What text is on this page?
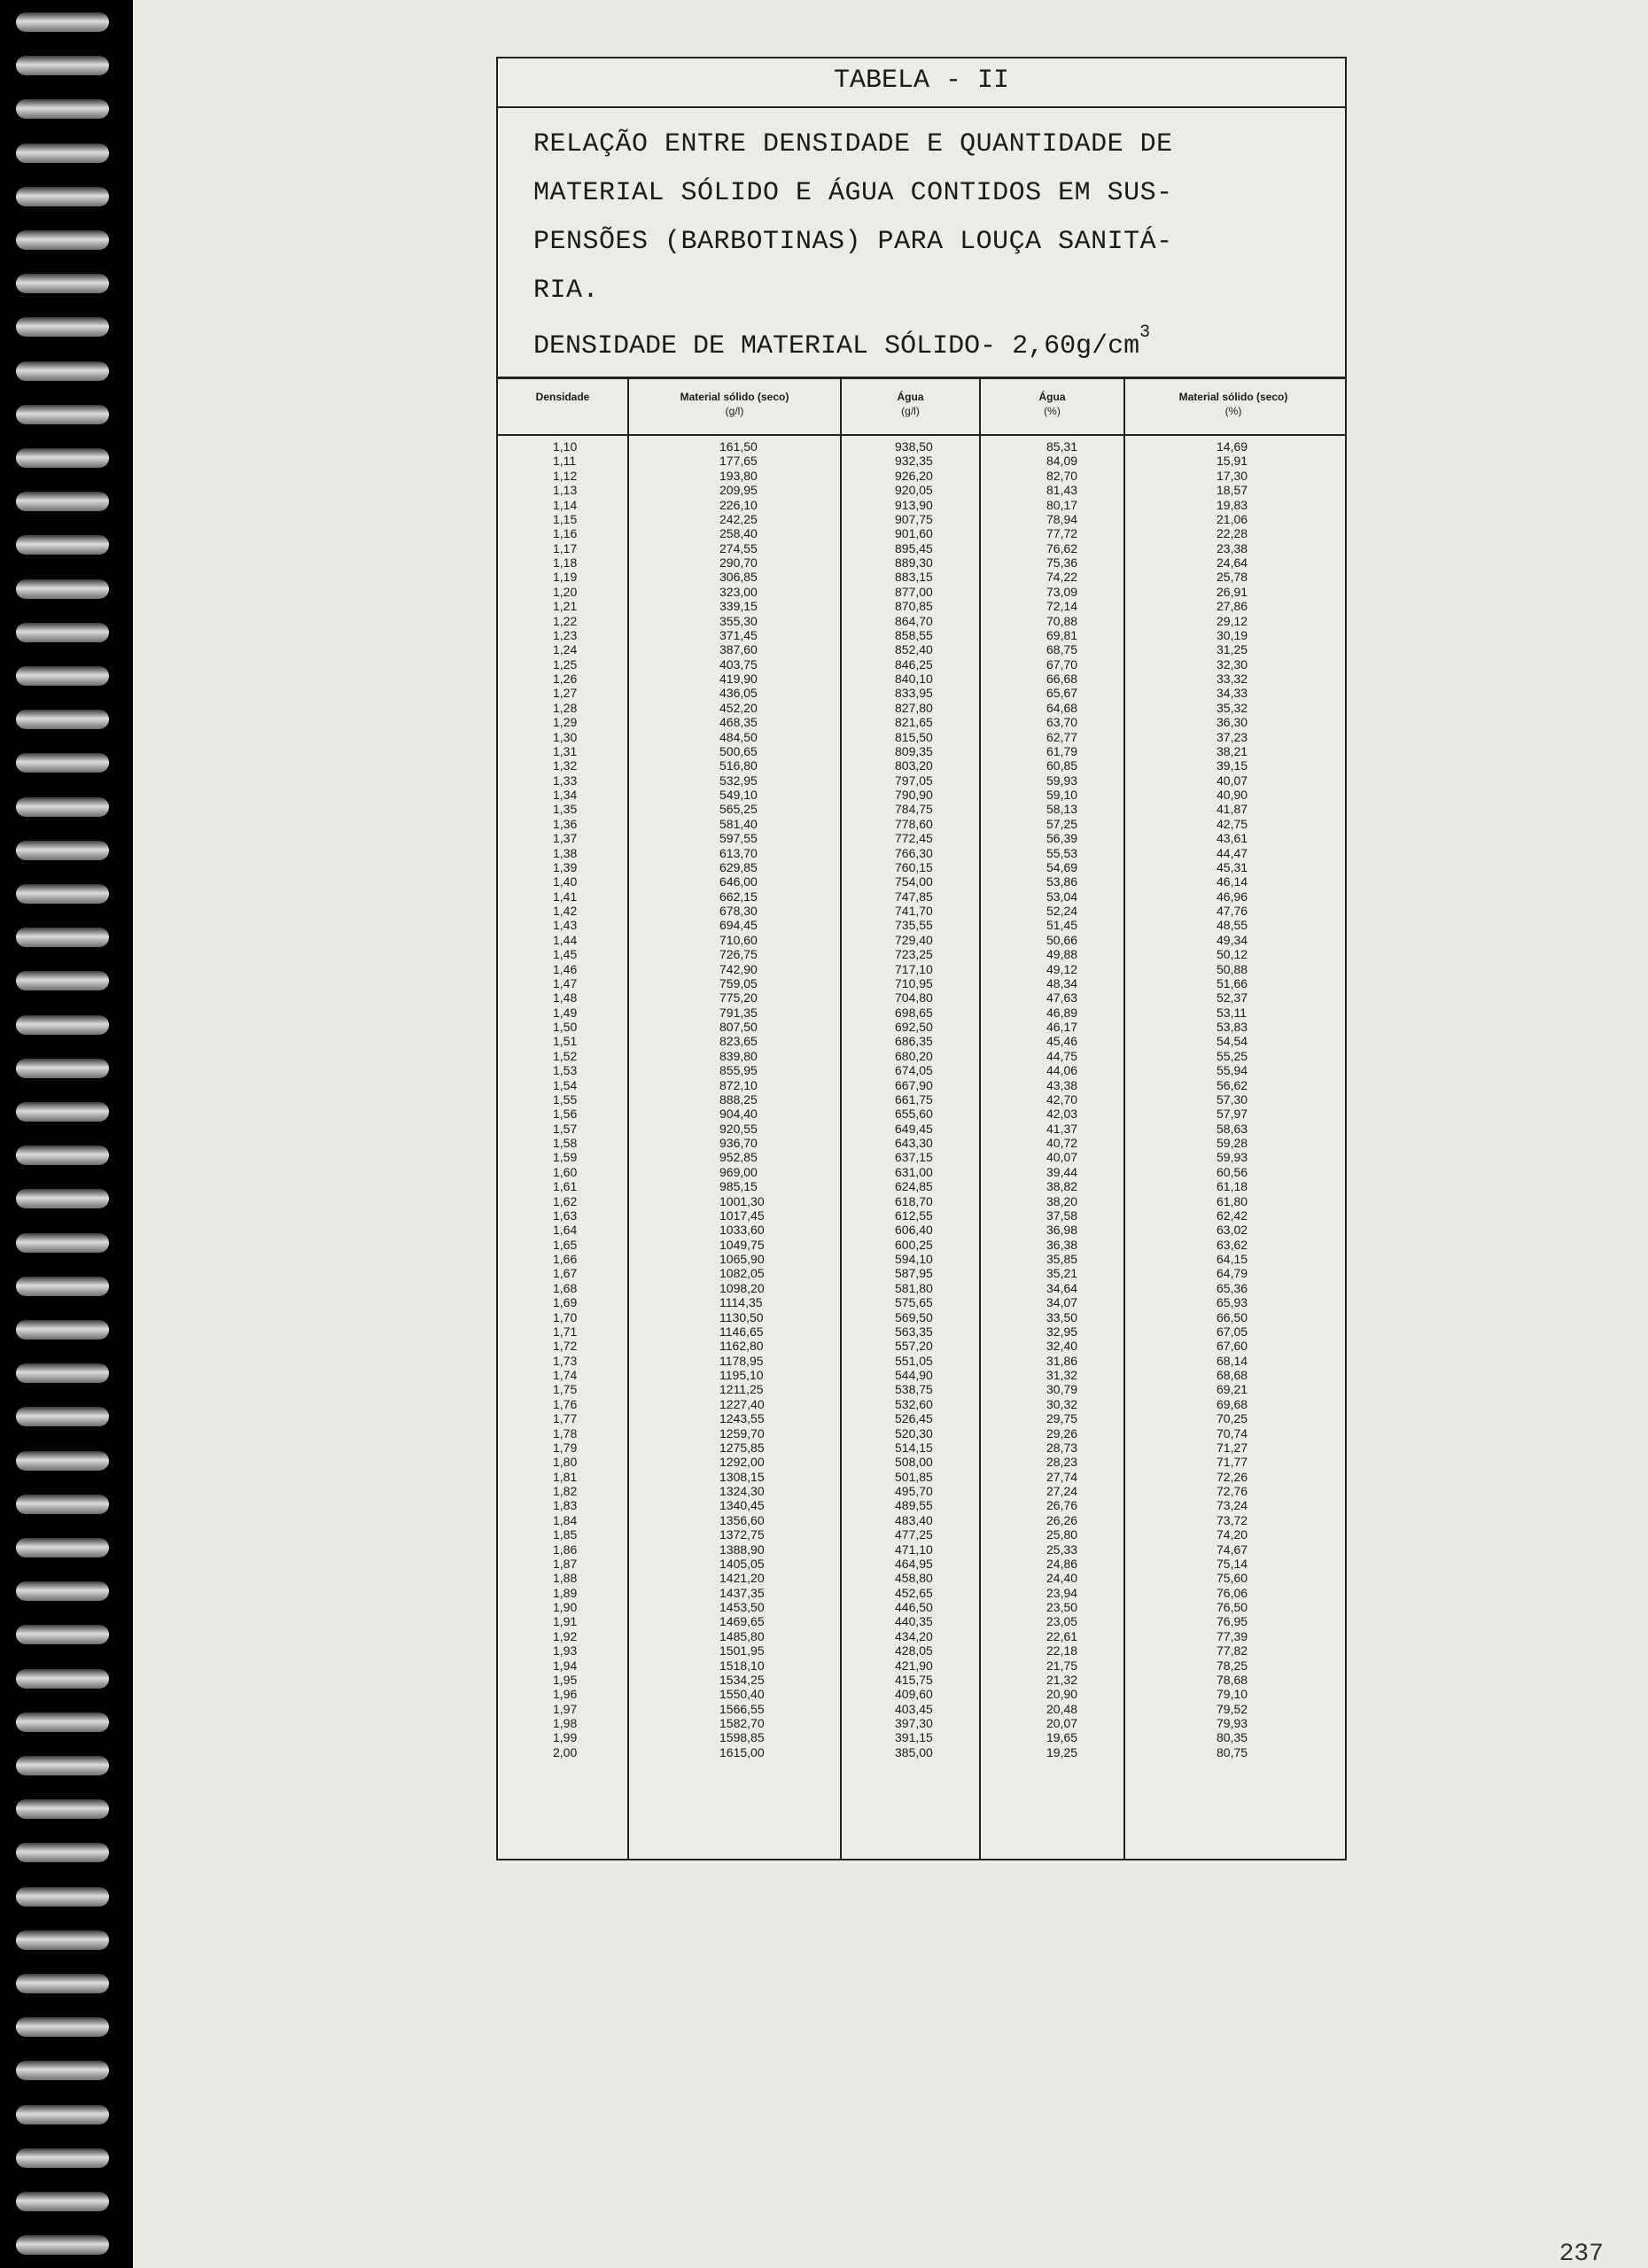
TABELA - II
RELAÇÃO ENTRE DENSIDADE E QUANTIDADE DE
MATERIAL SÓLIDO E ÁGUA CONTIDOS EM SUS-
PENSÕES (BARBOTINAS) PARA LOUÇA SANITÁ-
RIA.
DENSIDADE DE MATERIAL SÓLIDO- $2,60g/cm^3$
Densidade	Material sólido (seco)
(g/l)
Água
(g/l)
Água
(%)
Material sólido (seco)
(%)
1,10
1,11
1,12
1,13
1,14
1,15
1,16
1,17
1,18
1,19
1,20
1,21
1,22
1,23
1,24
1,25
1,26
1,27
1,28
1,29
1,30
1,31
1,32
1,33
1,34
1,35
1,36
1,37
1,38
1,39
1,40
1,41
1,42
1,43
1,44
1,45
1,46
1,47
1,48
1,49
1,50
1,51
1,52
1,53
1,54
1,55
1,56
1,57
1,58
1,59
1,60
1,61
1,62
1,63
1,64
1,65
1,66
1,67
1,68
1,69
1,70
1,71
1,72
1,73
1,74
1,75
1,76
1,77
1,78
1,79
1,80
1,81
1,82
1,83
1,84
1,85
1,86
1,87
1,88
1,89
1,90
1,91
1,92
1,93
1,94
1,95
1,96
1,97
1,98
1,99
2,00
161,50
177,65
193,80
209,95
226,10
242,25
258,40
274,55
290,70
306,85
323,00
339,15
355,30
371,45
387,60
403,75
419,90
436,05
452,20
468,35
484,50
500,65
516,80
532,95
549,10
565,25
581,40
597,55
613,70
629,85
646,00
662,15
678,30
694,45
710,60
726,75
742,90
759,05
775,20
791,35
807,50
823,65
839,80
855,95
872,10
888,25
904,40
920,55
936,70
952,85
969,00
985,15
1001,30
1017,45
1033,60
1049,75
1065,90
1082,05
1098,20
1114,35
1130,50
1146,65
1162,80
1178,95
1195,10
1211,25
1227,40
1243,55
1259,70
1275,85
1292,00
1308,15
1324,30
1340,45
1356,60
1372,75
1388,90
1405,05
1421,20
1437,35
1453,50
1469,65
1485,80
1501,95
1518,10
1534,25
1550,40
1566,55
1582,70
1598,85
1615,00
938,50
932,35
926,20
920,05
913,90
907,75
901,60
895,45
889,30
883,15
877,00
870,85
864,70
858,55
852,40
846,25
840,10
833,95
827,80
821,65
815,50
809,35
803,20
797,05
790,90
784,75
778,60
772,45
766,30
760,15
754,00
747,85
741,70
735,55
729,40
723,25
717,10
710,95
704,80
698,65
692,50
686,35
680,20
674,05
667,90
661,75
655,60
649,45
643,30
637,15
631,00
624,85
618,70
612,55
606,40
600,25
594,10
587,95
581,80
575,65
569,50
563,35
557,20
551,05
544,90
538,75
532,60
526,45
520,30
514,15
508,00
501,85
495,70
489,55
483,40
477,25
471,10
464,95
458,80
452,65
446,50
440,35
434,20
428,05
421,90
415,75
409,60
403,45
397,30
391,15
385,00
85,31
84,09
82,70
81,43
80,17
78,94
77,72
76,62
75,36
74,22
73,09
72,14
70,88
69,81
68,75
67,70
66,68
65,67
64,68
63,70
62,77
61,79
60,85
59,93
59,10
58,13
57,25
56,39
55,53
54,69
53,86
53,04
52,24
51,45
50,66
49,88
49,12
48,34
47,63
46,89
46,17
45,46
44,75
44,06
43,38
42,70
42,03
41,37
40,72
40,07
39,44
38,82
38,20
37,58
36,98
36,38
35,85
35,21
34,64
34,07
33,50
32,95
32,40
31,86
31,32
30,79
30,32
29,75
29,26
28,73
28,23
27,74
27,24
26,76
26,26
25,80
25,33
24,86
24,40
23,94
23,50
23,05
22,61
22,18
21,75
21,32
20,90
20,48
20,07
19,65
19,25
14,69
15,91
17,30
18,57
19,83
21,06
22,28
23,38
24,64
25,78
26,91
27,86
29,12
30,19
31,25
32,30
33,32
34,33
35,32
36,30
37,23
38,21
39,15
40,07
40,90
41,87
42,75
43,61
44,47
45,31
46,14
46,96
47,76
48,55
49,34
50,12
50,88
51,66
52,37
53,11
53,83
54,54
55,25
55,94
56,62
57,30
57,97
58,63
59,28
59,93
60,56
61,18
61,80
62,42
63,02
63,62
64,15
64,79
65,36
65,93
66,50
67,05
67,60
68,14
68,68
69,21
69,68
70,25
70,74
71,27
71,77
72,26
72,76
73,24
73,72
74,20
74,67
75,14
75,60
76,06
76,50
76,95
77,39
77,82
78,25
78,68
79,10
79,52
79,93
80,35
80,75
237
